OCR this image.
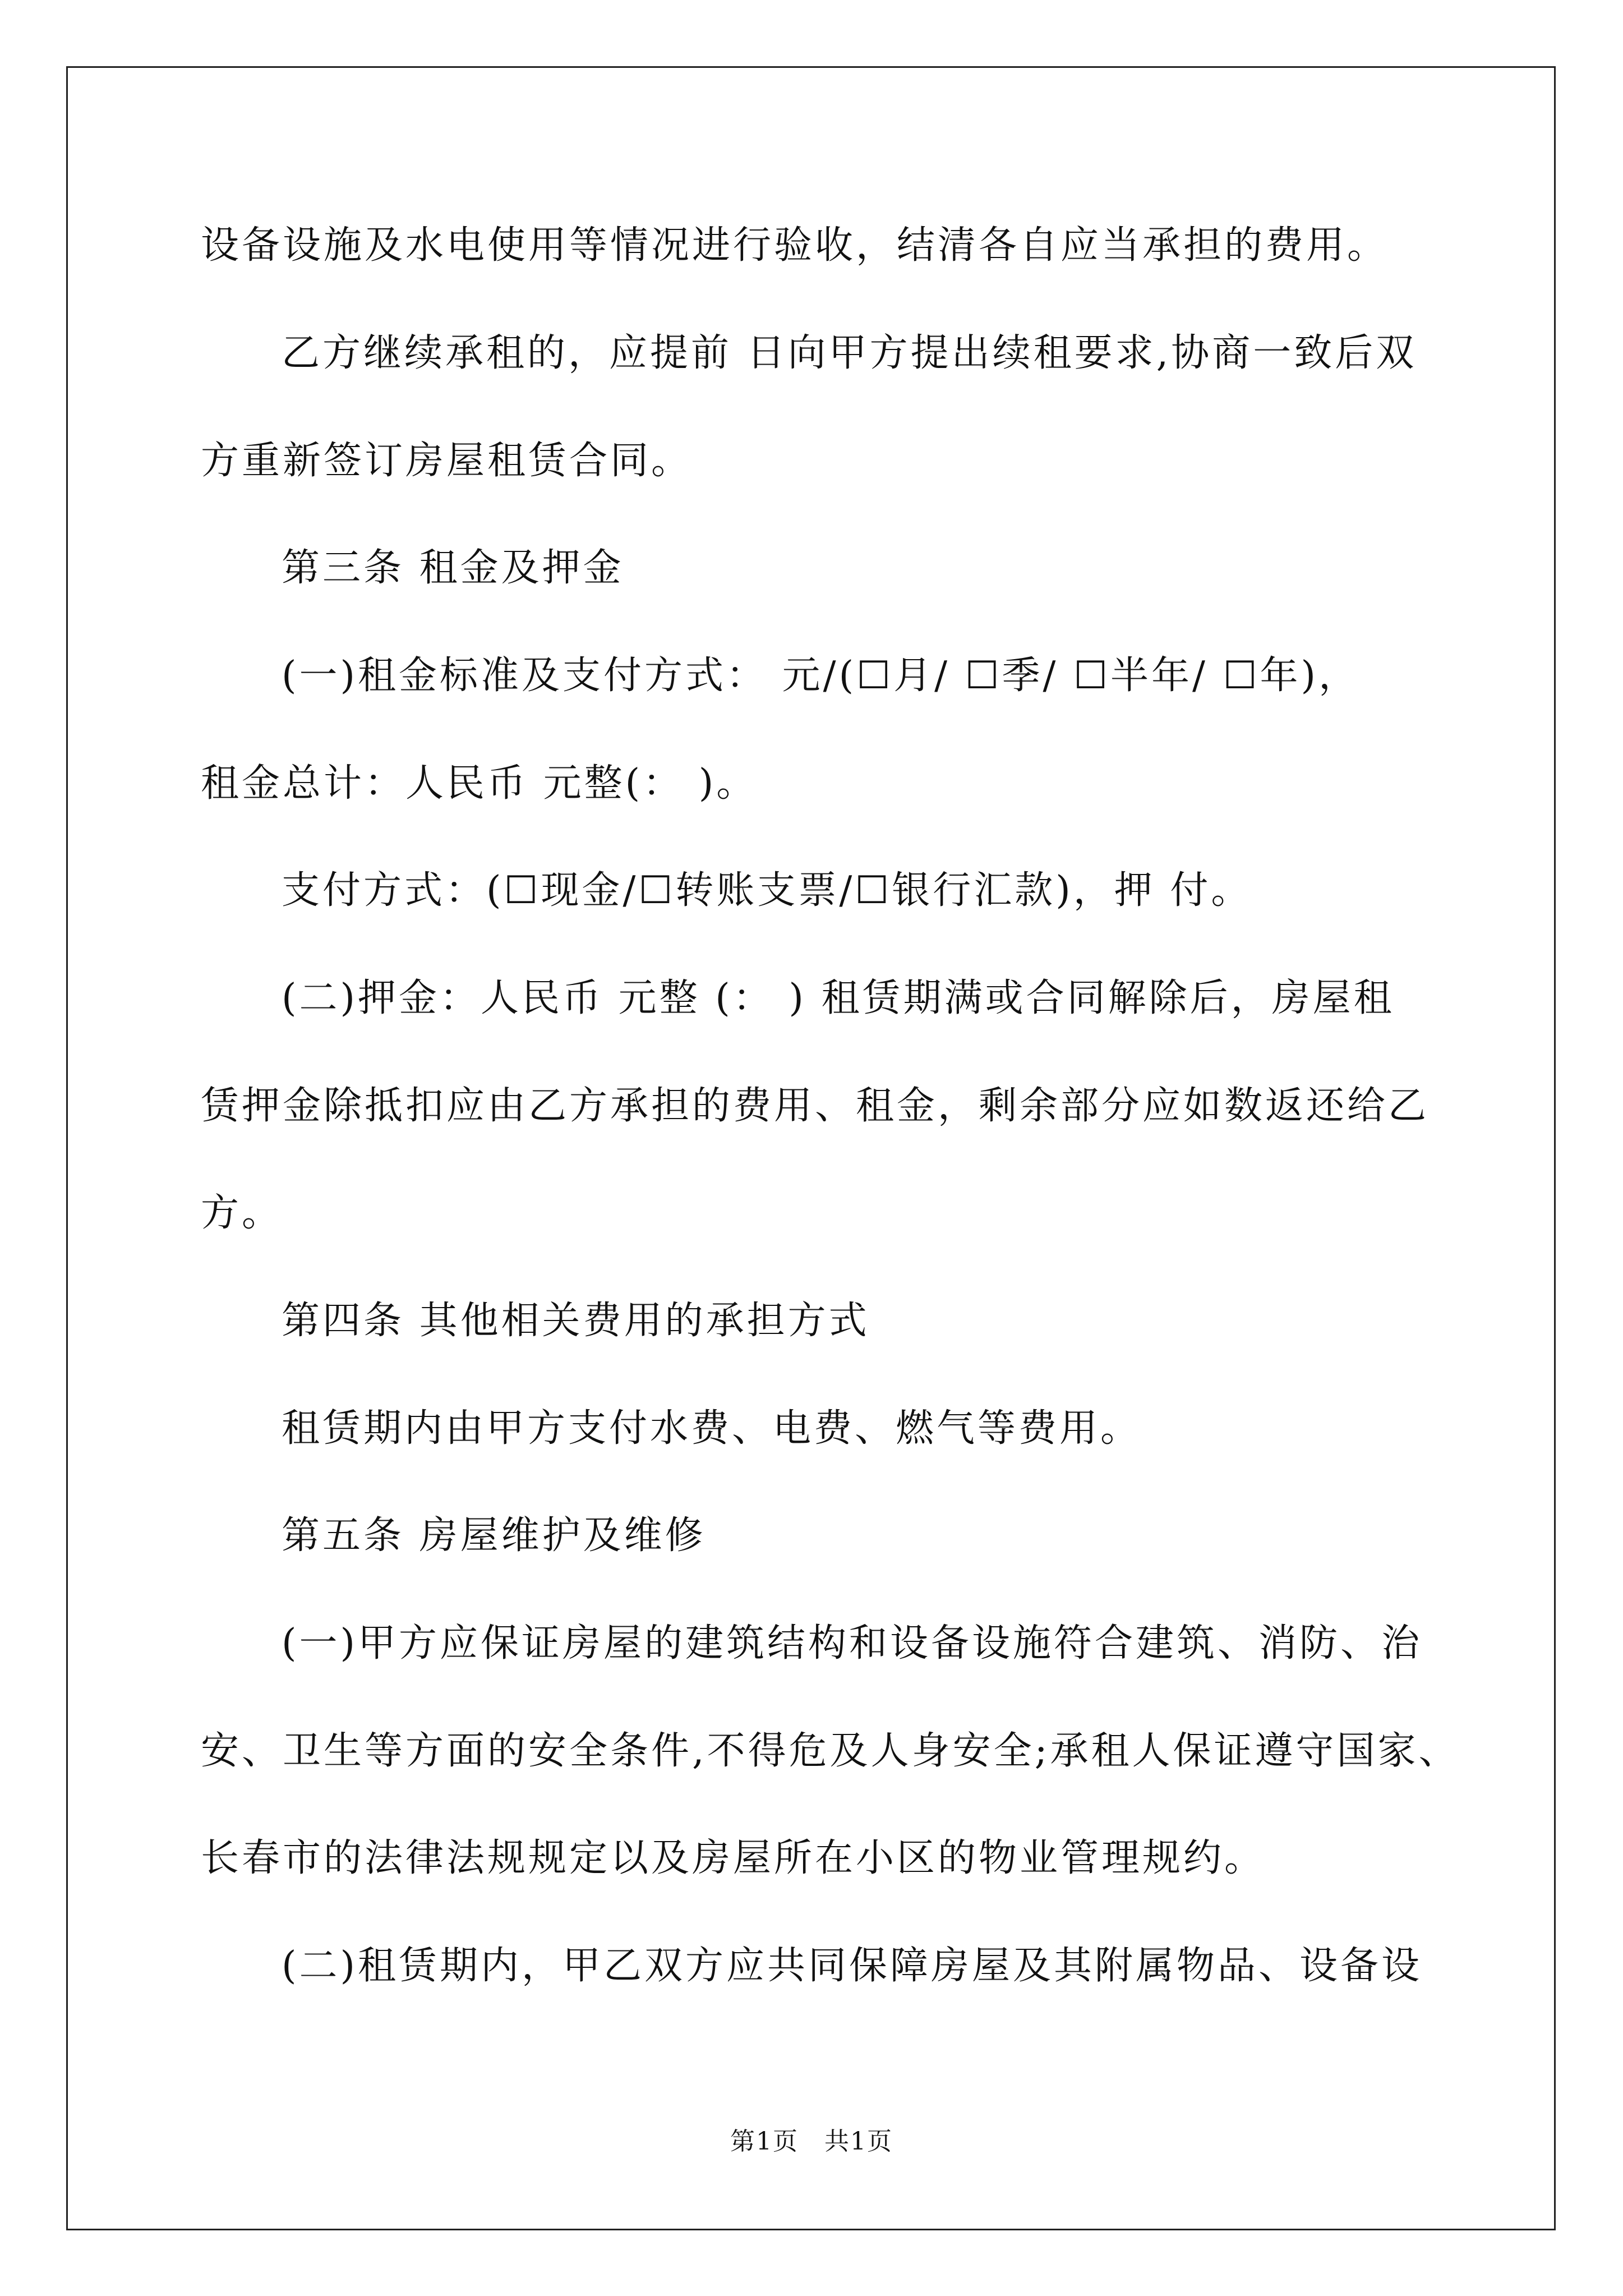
设备设施及水电使用等情况进行验收，结清各自应当承担的费用。
乙方继续承租的，应提前 日向甲方提出续租要求,协商一致后双
方重新签订房屋租赁合同。
第三条 租金及押金
(一)租金标准及支付方式： 元/(☐月/ ☐季/ ☐半年/ ☐年)，
租金总计：人民币 元整(： )。
支付方式：(☐现金/☐转账支票/☐银行汇款)，押 付。
(二)押金：人民币 元整 (： ) 租赁期满或合同解除后，房屋租
赁押金除抵扣应由乙方承担的费用、租金，剩余部分应如数返还给乙
方。
第四条 其他相关费用的承担方式
租赁期内由甲方支付水费、电费、燃气等费用。
第五条 房屋维护及维修
(一)甲方应保证房屋的建筑结构和设备设施符合建筑、消防、治
安、卫生等方面的安全条件,不得危及人身安全;承租人保证遵守国家、
长春市的法律法规规定以及房屋所在小区的物业管理规约。
(二)租赁期内，甲乙双方应共同保障房屋及其附属物品、设备设
第1页　共1页
